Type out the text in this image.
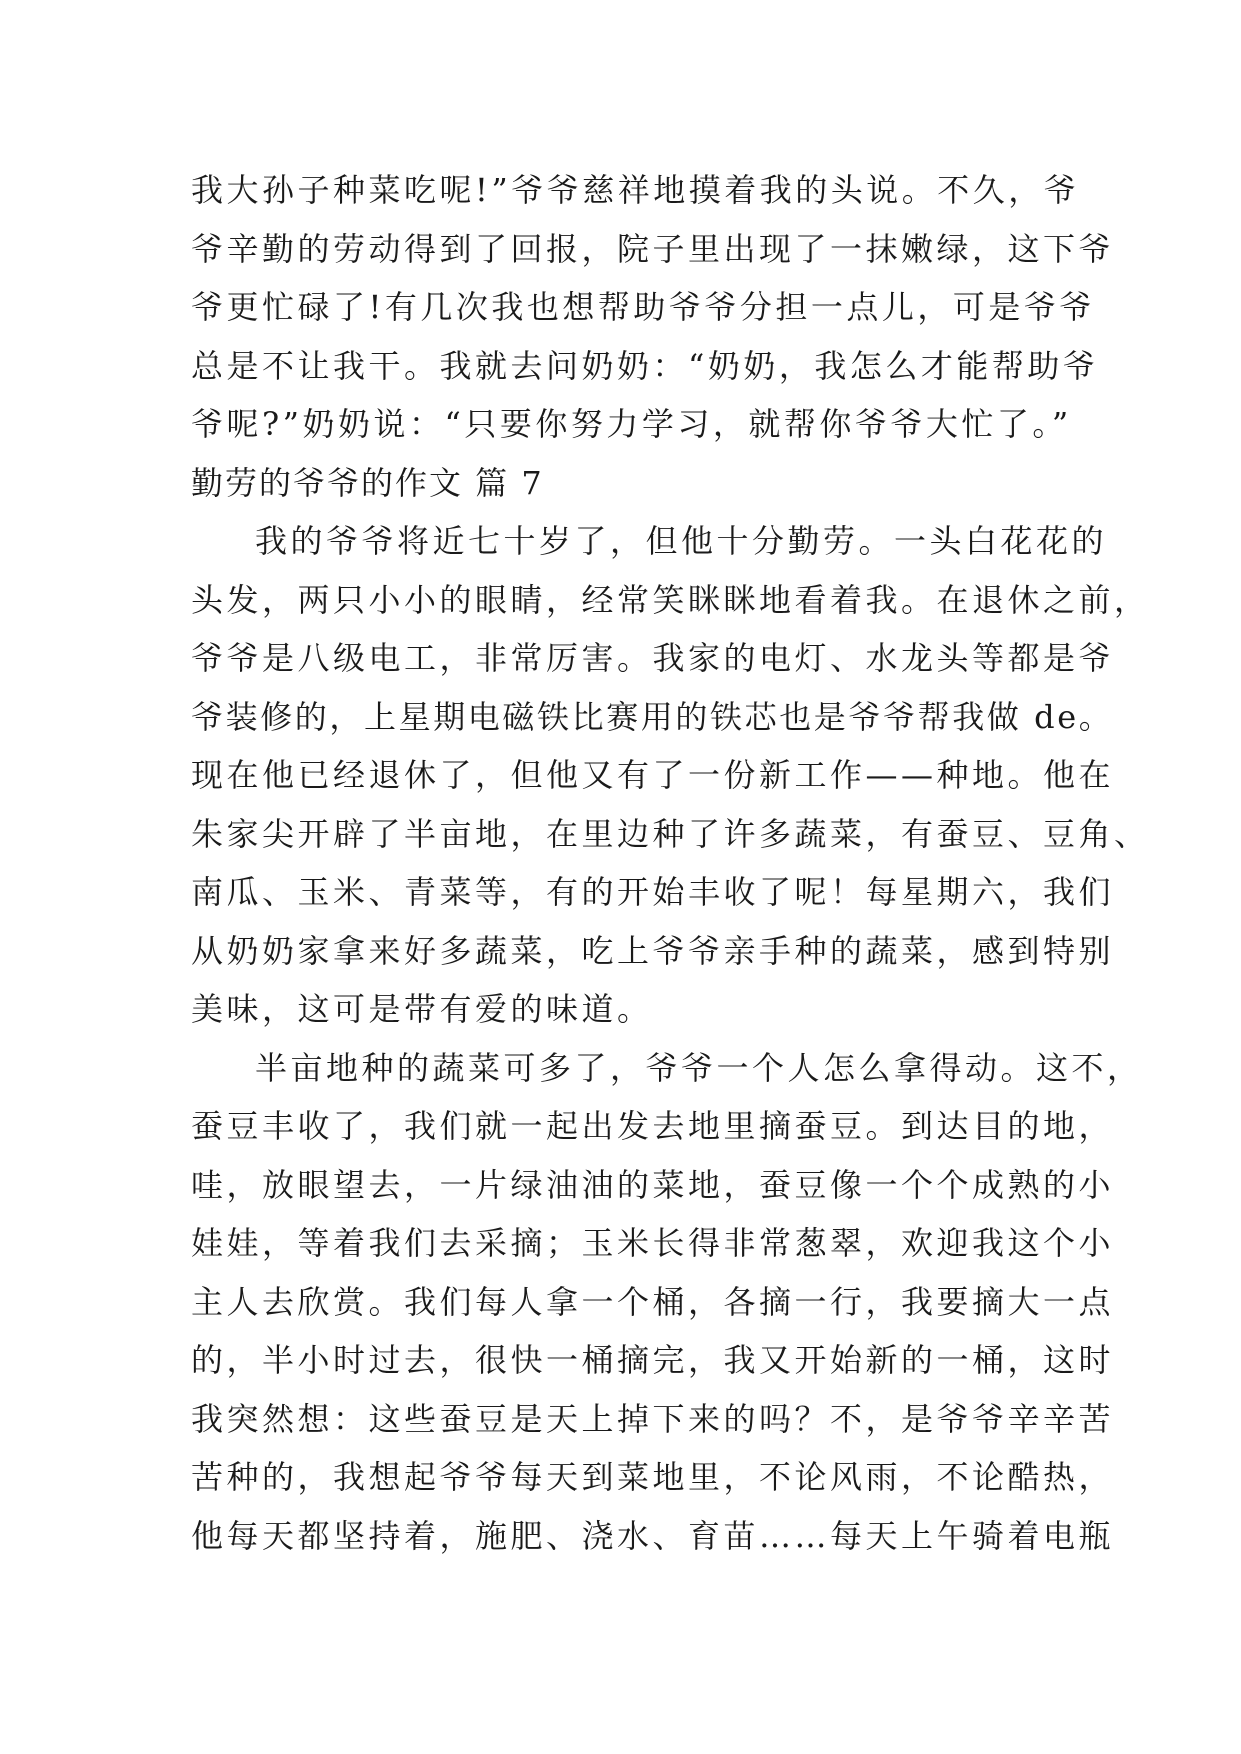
我大孙子种菜吃呢!”爷爷慈祥地摸着我的头说。不久，爷
爷辛勤的劳动得到了回报，院子里出现了一抹嫩绿，这下爷
爷更忙碌了!有几次我也想帮助爷爷分担一点儿，可是爷爷
总是不让我干。我就去问奶奶：“奶奶，我怎么才能帮助爷
爷呢?”奶奶说：“只要你努力学习，就帮你爷爷大忙了。”
勤劳的爷爷的作文 篇 7
我的爷爷将近七十岁了，但他十分勤劳。一头白花花的
头发，两只小小的眼睛，经常笑眯眯地看着我。在退休之前，
爷爷是八级电工，非常厉害。我家的电灯、水龙头等都是爷
爷装修的，上星期电磁铁比赛用的铁芯也是爷爷帮我做 de。
现在他已经退休了，但他又有了一份新工作——种地。他在
朱家尖开辟了半亩地，在里边种了许多蔬菜，有蚕豆、豆角、
南瓜、玉米、青菜等，有的开始丰收了呢！每星期六，我们
从奶奶家拿来好多蔬菜，吃上爷爷亲手种的蔬菜，感到特别
美味，这可是带有爱的味道。
半亩地种的蔬菜可多了，爷爷一个人怎么拿得动。这不，
蚕豆丰收了，我们就一起出发去地里摘蚕豆。到达目的地，
哇，放眼望去，一片绿油油的菜地，蚕豆像一个个成熟的小
娃娃，等着我们去采摘；玉米长得非常葱翠，欢迎我这个小
主人去欣赏。我们每人拿一个桶，各摘一行，我要摘大一点
的，半小时过去，很快一桶摘完，我又开始新的一桶，这时
我突然想：这些蚕豆是天上掉下来的吗？不，是爷爷辛辛苦
苦种的，我想起爷爷每天到菜地里，不论风雨，不论酷热，
他每天都坚持着，施肥、浇水、育苗……每天上午骑着电瓶
